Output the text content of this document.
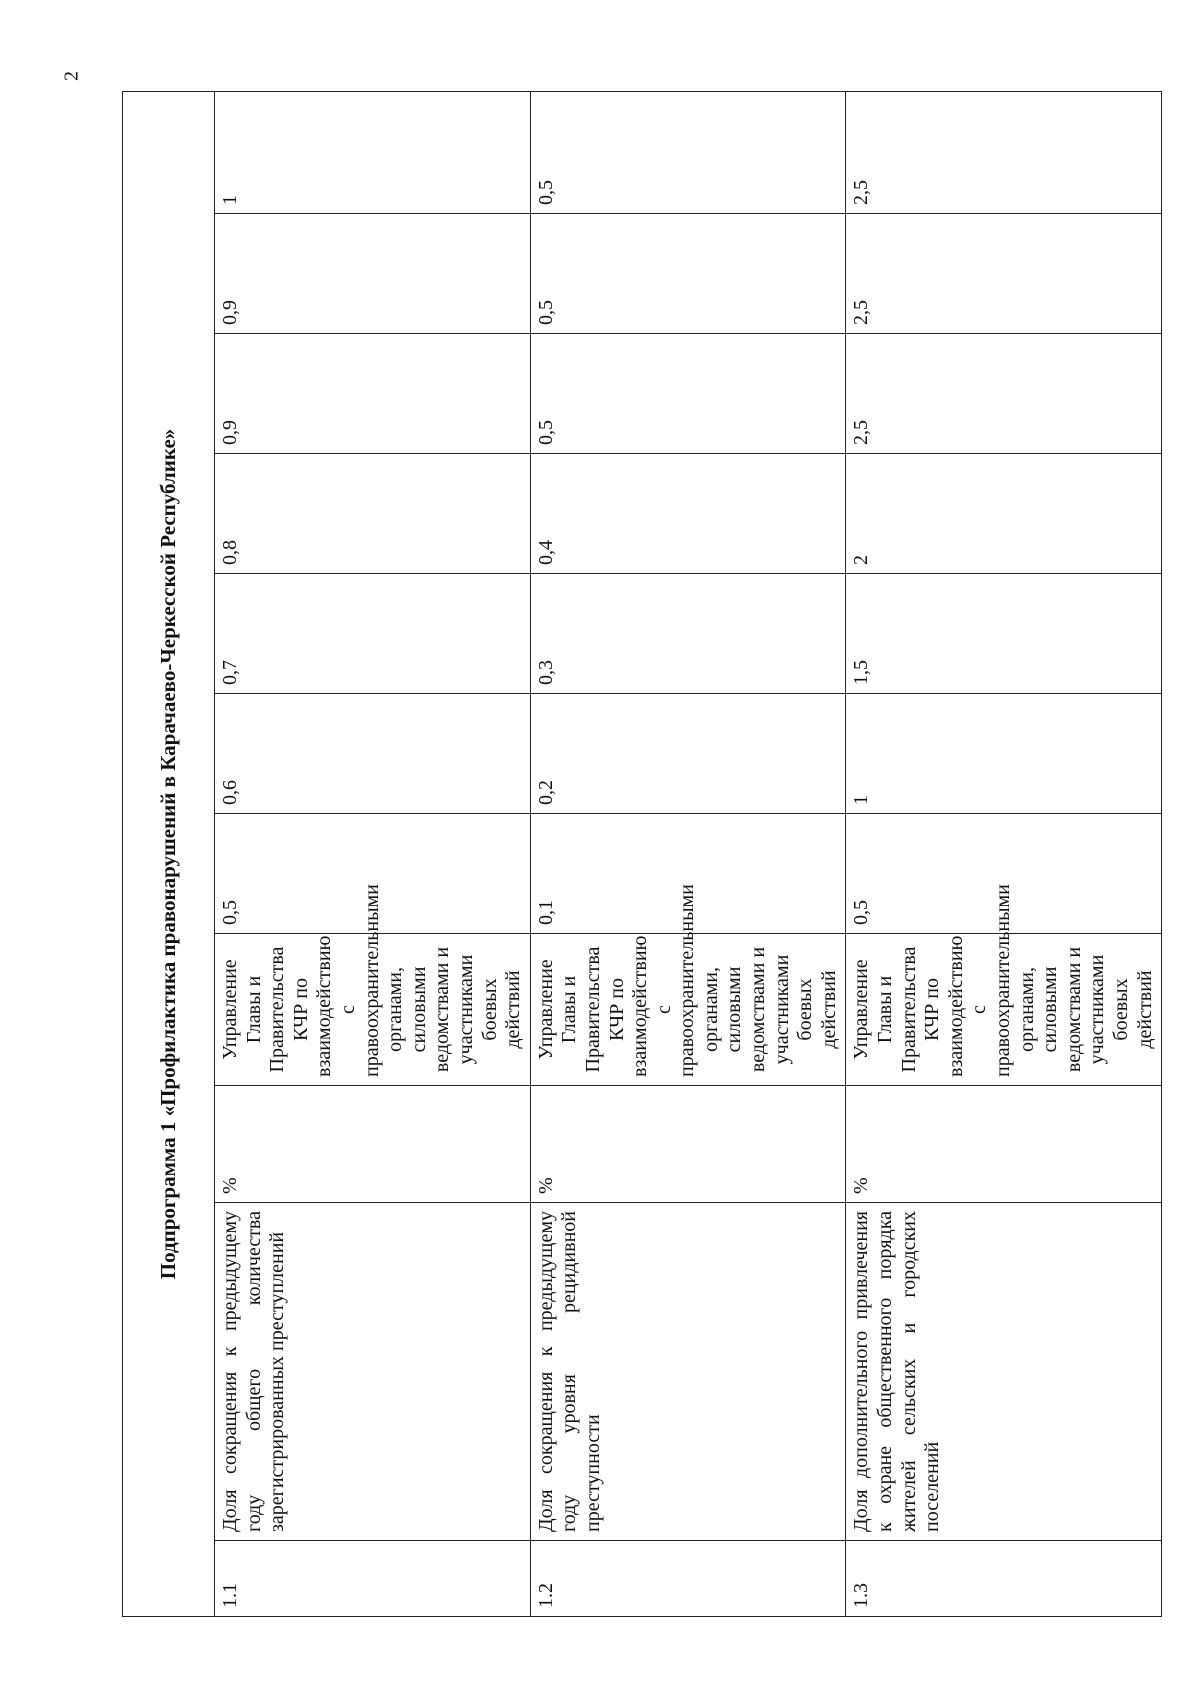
2
Подпрограмма 1 «Профилактика правонарушений в Карачаево-Черкесской Республике»										
1.1	Доля сокращения к предыдущему году общего количества зарегистрированных преступлений	%	Управление Главы и Правительства КЧР по взаимодействию с правоохранительными органами, силовыми ведомствами и участниками боевых действий	0,5	0,6	0,7	0,8	0,9	0,9	1
1.2	Доля сокращения к предыдущему году уровня рецидивной преступности	%	Управление Главы и Правительства КЧР по взаимодействию с правоохранительными органами, силовыми ведомствами и участниками боевых действий	0,1	0,2	0,3	0,4	0,5	0,5	0,5
1.3	Доля дополнительного привлечения к охране общественного порядка жителей сельских и городских поселений	%	Управление Главы и Правительства КЧР по взаимодействию с правоохранительными органами, силовыми ведомствами и участниками боевых действий	0,5	1	1,5	2	2,5	2,5	2,5
